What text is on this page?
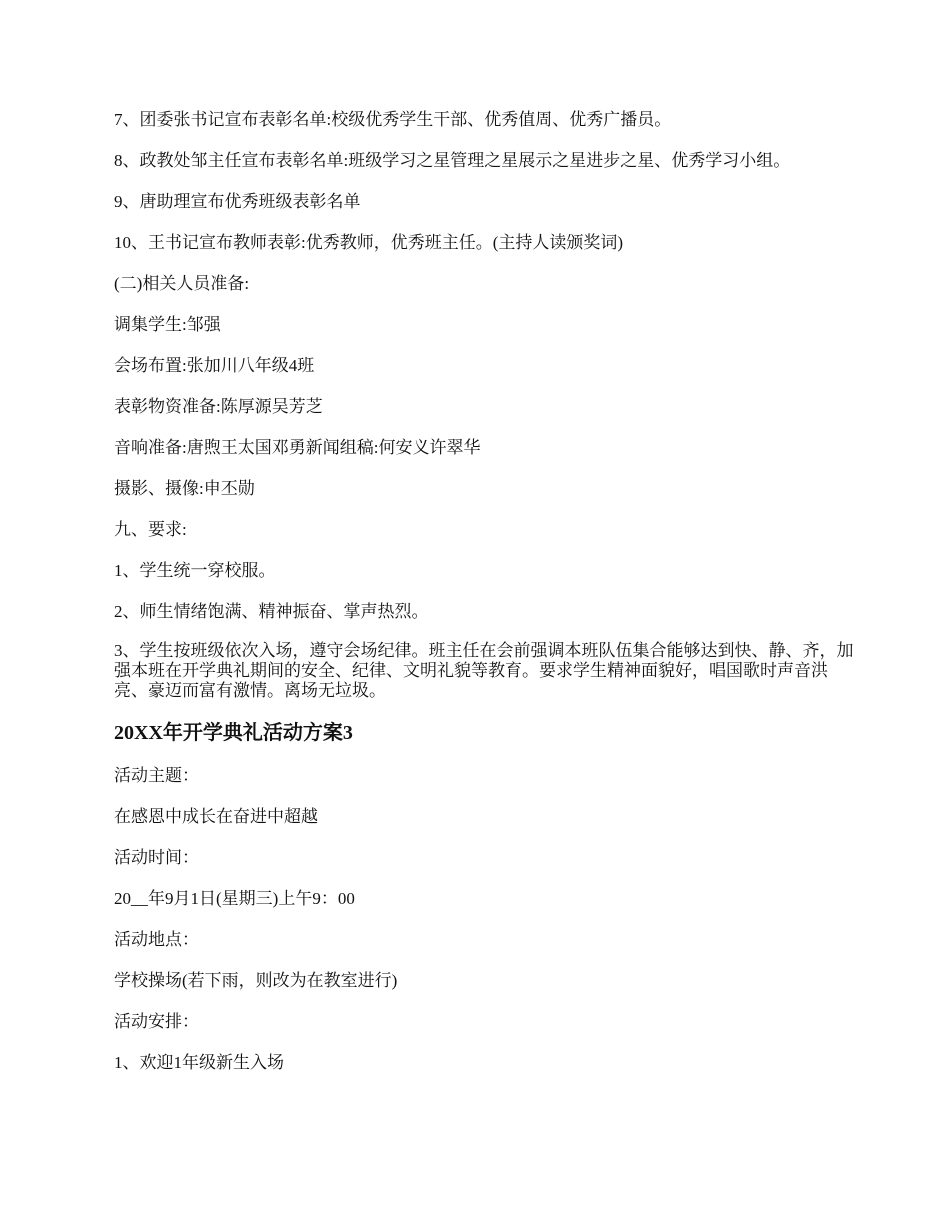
7、团委张书记宣布表彰名单:校级优秀学生干部、优秀值周、优秀广播员。

8、政教处邹主任宣布表彰名单:班级学习之星管理之星展示之星进步之星、优秀学习小组。

9、唐助理宣布优秀班级表彰名单

10、王书记宣布教师表彰:优秀教师，优秀班主任。(主持人读颁奖词)

(二)相关人员准备:

调集学生:邹强

会场布置:张加川八年级4班

表彰物资准备:陈厚源吴芳芝

音响准备:唐煦王太国邓勇新闻组稿:何安义许翠华

摄影、摄像:申丕勋

九、要求:

1、学生统一穿校服。

2、师生情绪饱满、精神振奋、掌声热烈。

3、学生按班级依次入场，遵守会场纪律。班主任在会前强调本班队伍集合能够达到快、静、齐，加强本班在开学典礼期间的安全、纪律、文明礼貌等教育。要求学生精神面貌好，唱国歌时声音洪亮、豪迈而富有激情。离场无垃圾。

20XX年开学典礼活动方案3

活动主题：

在感恩中成长在奋进中超越

活动时间：

20__年9月1日(星期三)上午9：00

活动地点：

学校操场(若下雨，则改为在教室进行)

活动安排：

1、欢迎1年级新生入场
